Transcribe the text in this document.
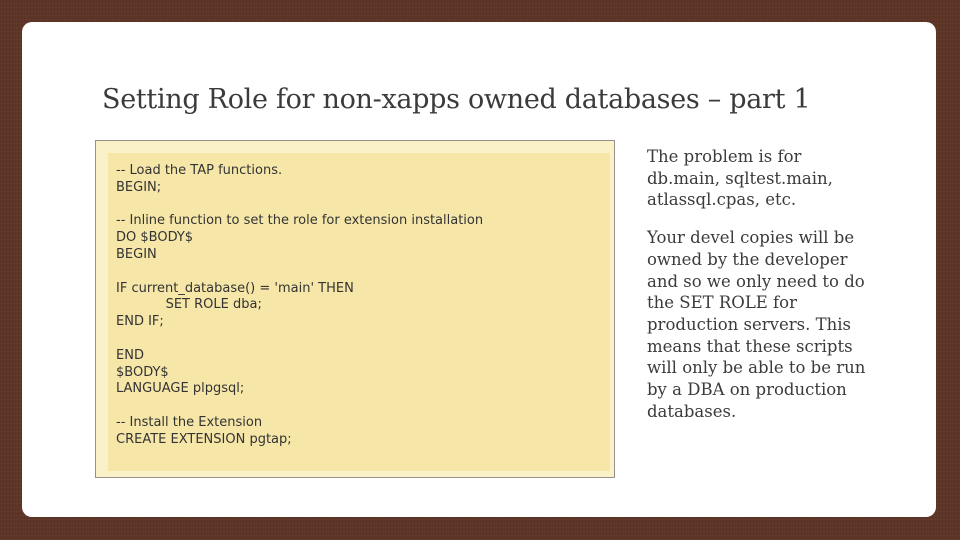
Setting Role for non-xapps owned databases – part 1
-- Load the TAP functions.
BEGIN;

-- Inline function to set the role for extension installation
DO $BODY$
BEGIN

IF current_database() = 'main' THEN
SET ROLE dba;
END IF;

END
$BODY$
LANGUAGE plpgsql;

-- Install the Extension
CREATE EXTENSION pgtap;

The problem is for db.main, sqltest.main, atlassql.cpas, etc.

Your devel copies will be owned by the developer and so we only need to do the SET ROLE for production servers. This means that these scripts will only be able to be run by a DBA on production databases.
